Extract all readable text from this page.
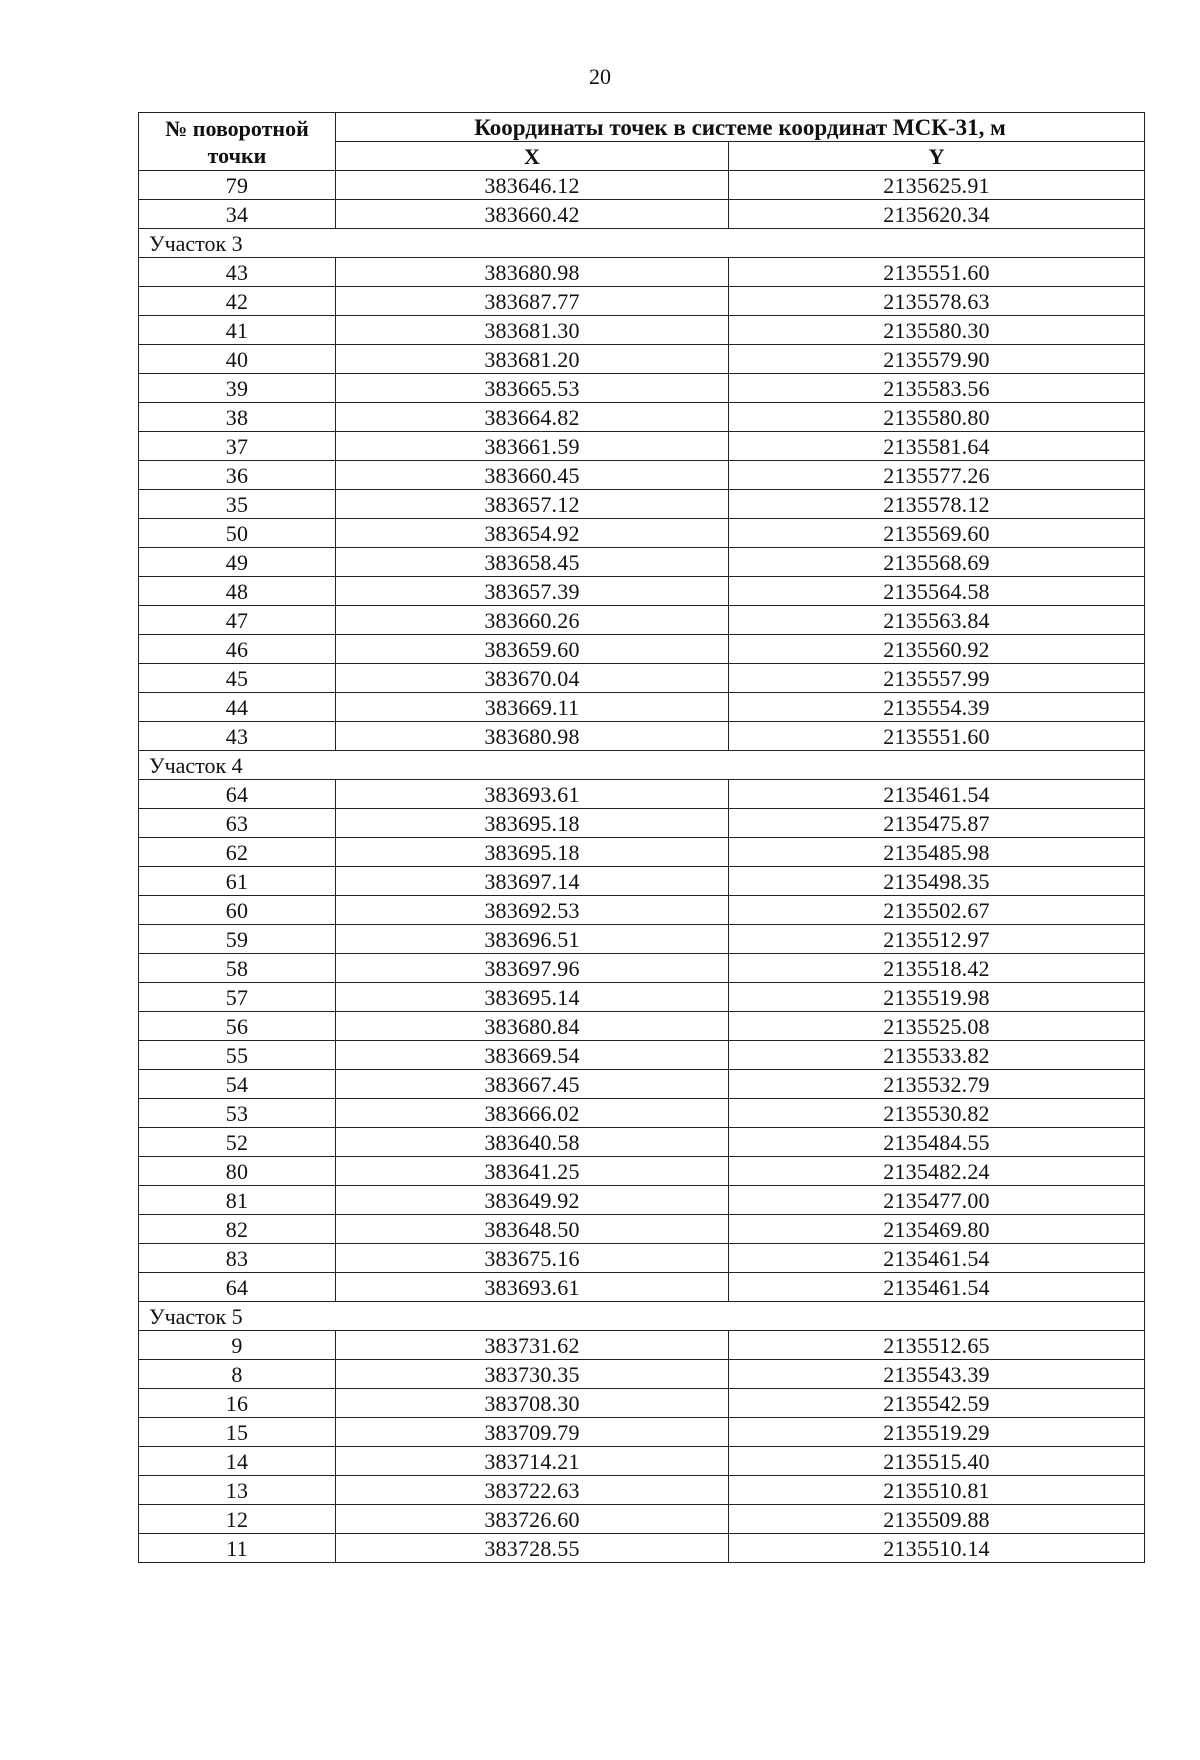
20
№ поворотной точки	Координаты точек в системе координат МСК-31, м	
	X	Y
79	383646.12	2135625.91
34	383660.42	2135620.34
Участок 3		
43	383680.98	2135551.60
42	383687.77	2135578.63
41	383681.30	2135580.30
40	383681.20	2135579.90
39	383665.53	2135583.56
38	383664.82	2135580.80
37	383661.59	2135581.64
36	383660.45	2135577.26
35	383657.12	2135578.12
50	383654.92	2135569.60
49	383658.45	2135568.69
48	383657.39	2135564.58
47	383660.26	2135563.84
46	383659.60	2135560.92
45	383670.04	2135557.99
44	383669.11	2135554.39
43	383680.98	2135551.60
Участок 4		
64	383693.61	2135461.54
63	383695.18	2135475.87
62	383695.18	2135485.98
61	383697.14	2135498.35
60	383692.53	2135502.67
59	383696.51	2135512.97
58	383697.96	2135518.42
57	383695.14	2135519.98
56	383680.84	2135525.08
55	383669.54	2135533.82
54	383667.45	2135532.79
53	383666.02	2135530.82
52	383640.58	2135484.55
80	383641.25	2135482.24
81	383649.92	2135477.00
82	383648.50	2135469.80
83	383675.16	2135461.54
64	383693.61	2135461.54
Участок 5		
9	383731.62	2135512.65
8	383730.35	2135543.39
16	383708.30	2135542.59
15	383709.79	2135519.29
14	383714.21	2135515.40
13	383722.63	2135510.81
12	383726.60	2135509.88
11	383728.55	2135510.14
